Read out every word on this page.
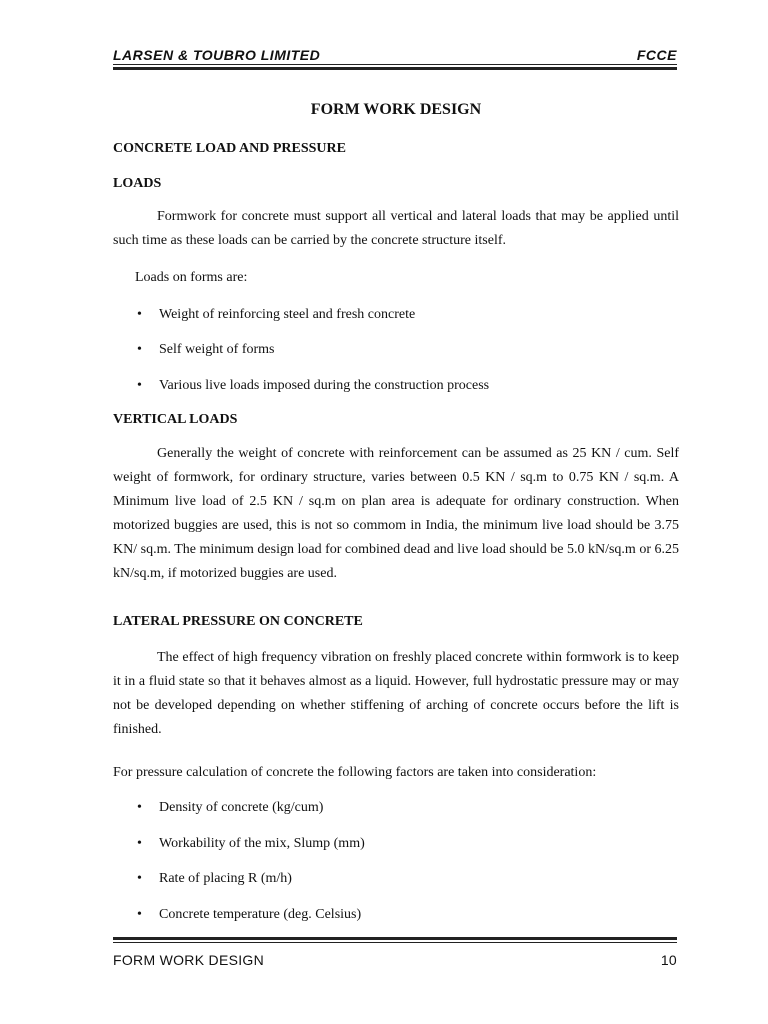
LARSEN & TOUBRO LIMITED	FCCE
FORM WORK DESIGN
CONCRETE LOAD AND PRESSURE
LOADS
Formwork for concrete must support all vertical and lateral loads that may be applied until such time as these loads can be carried by the concrete structure itself.
Loads on forms are:
• Weight of reinforcing steel and fresh concrete
• Self weight of forms
• Various live loads imposed during the construction process
VERTICAL LOADS
Generally the weight of concrete with reinforcement can be assumed as 25 KN / cum. Self weight of formwork, for ordinary structure, varies between 0.5 KN / sq.m to 0.75 KN / sq.m. A Minimum live load of 2.5 KN / sq.m on plan area is adequate for ordinary construction. When motorized buggies are used, this is not so commom in India, the minimum live load should be 3.75 KN/ sq.m. The minimum design load for combined dead and live load should be 5.0 kN/sq.m or 6.25 kN/sq.m, if motorized buggies are used.
LATERAL PRESSURE ON CONCRETE
The effect of high frequency vibration on freshly placed concrete within formwork is to keep it in a fluid state so that it behaves almost as a liquid. However, full hydrostatic pressure may or may not be developed depending on whether stiffening of arching of concrete occurs before the lift is finished.
For pressure calculation of concrete the following factors are taken into consideration:
• Density of concrete (kg/cum)
• Workability of the mix, Slump (mm)
• Rate of placing R (m/h)
• Concrete temperature (deg. Celsius)
FORM WORK DESIGN	10
